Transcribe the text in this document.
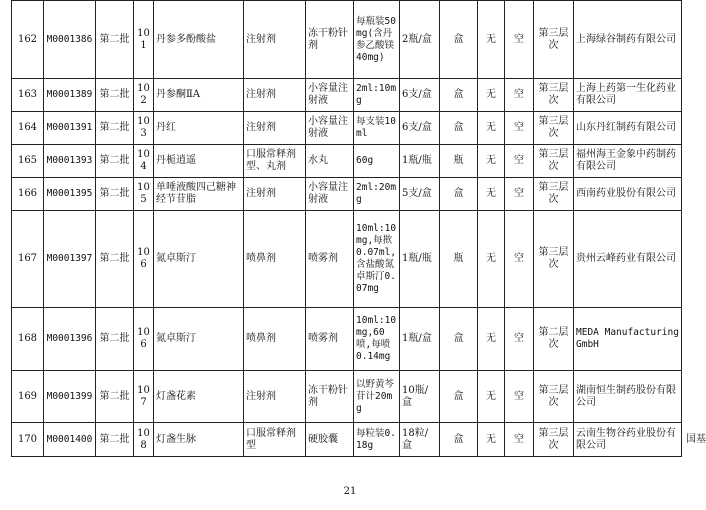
162	M0001386	第二批	101	丹参多酚酸盐	注射剂	冻干粉针剂	每瓶装50mg(含丹参乙酸镁40mg)	2瓶/盒	盒	无	空	第三层次	上海绿谷制药有限公司	
163	M0001389	第二批	102	丹参酮ⅡA	注射剂	小容量注射液	2ml:10mg	6支/盒	盒	无	空	第三层次	上海上药第一生化药业有限公司	
164	M0001391	第二批	103	丹红	注射剂	小容量注射液	每支装10ml	6支/盒	盒	无	空	第三层次	山东丹红制药有限公司	
165	M0001393	第二批	104	丹栀逍遥	口服常释剂型、丸剂	水丸	60g	1瓶/瓶	瓶	无	空	第三层次	福州海王金象中药制药有限公司	
166	M0001395	第二批	105	单唾液酸四己糖神经节苷脂	注射剂	小容量注射液	2ml:20mg	5支/盒	盒	无	空	第三层次	西南药业股份有限公司	
167	M0001397	第二批	106	氮卓斯汀	喷鼻剂	喷雾剂	10ml:10mg,每揿0.07ml,含盐酸氮卓斯汀0.07mg	1瓶/瓶	瓶	无	空	第三层次	贵州云峰药业有限公司	
168	M0001396	第二批	106	氮卓斯汀	喷鼻剂	喷雾剂	10ml:10mg,60喷,每喷0.14mg	1瓶/盒	盒	无	空	第二层次	MEDA Manufacturing GmbH	
169	M0001399	第二批	107	灯盏花素	注射剂	冻干粉针剂	以野黄芩苷计20mg	10瓶/盒	盒	无	空	第三层次	湖南恒生制药股份有限公司	
170	M0001400	第二批	108	灯盏生脉	口服常释剂型	硬胶囊	每粒装0.18g	18粒/盒	盒	无	空	第三层次	云南生物谷药业股份有限公司	国基
21
